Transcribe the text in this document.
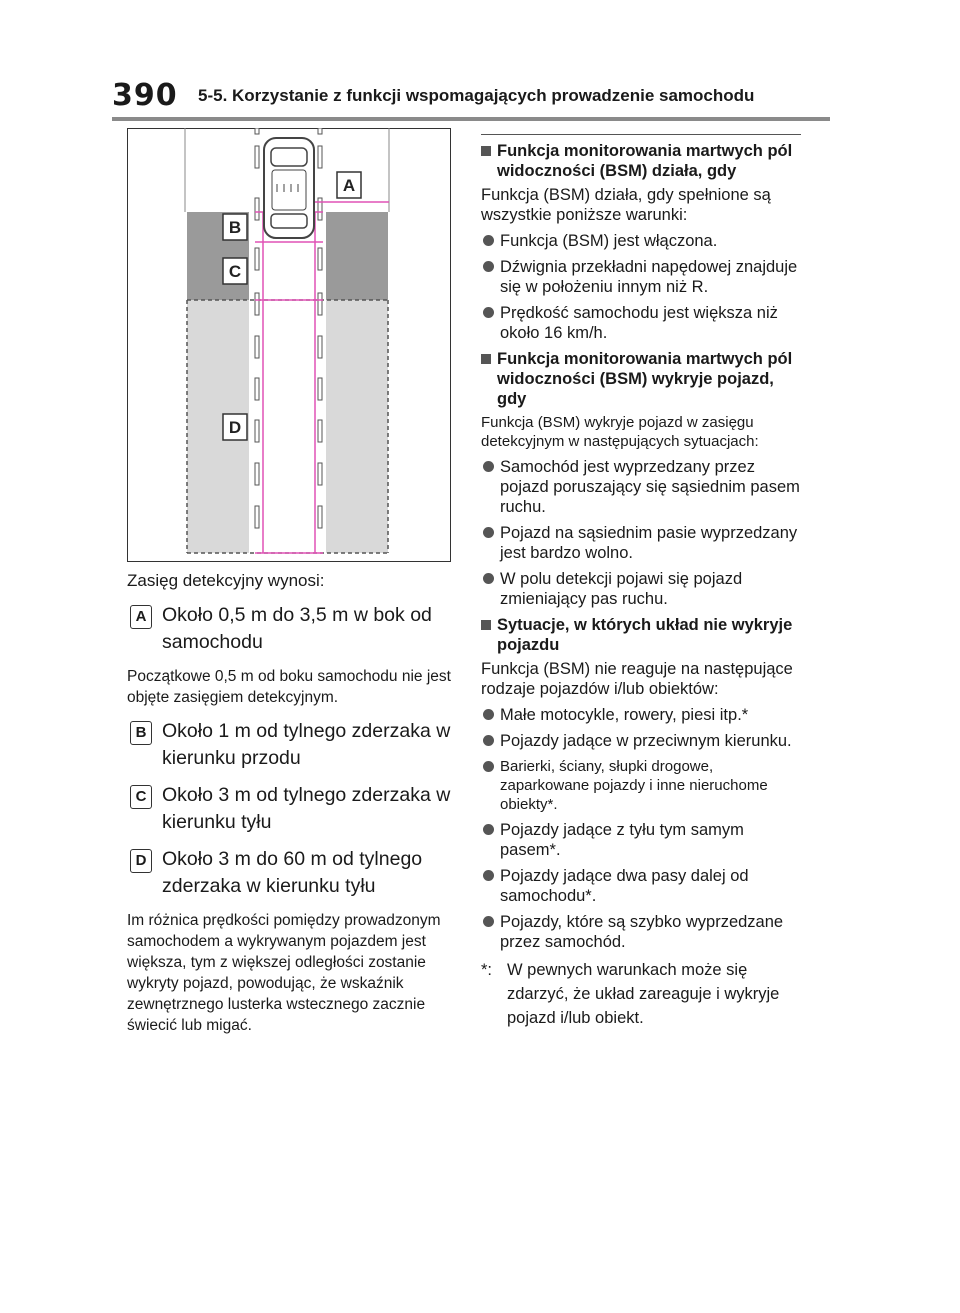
390 5-5. Korzystanie z funkcji wspomagających prowadzenie samochodu
A
B
C
D

Zasięg detekcyjny wynosi:

A Około 0,5 m do 3,5 m w bok od samochodu

Początkowe 0,5 m od boku samochodu nie jest objęte zasięgiem detekcyjnym.

B Około 1 m od tylnego zderzaka w kierunku przodu
C Około 3 m od tylnego zderzaka w kierunku tyłu
D Około 3 m do 60 m od tylnego zderzaka w kierunku tyłu

Im różnica prędkości pomiędzy prowadzonym samochodem a wykrywanym pojazdem jest większa, tym z większej odległości zostanie wykryty pojazd, powodując, że wskaźnik zewnętrznego lusterka wstecznego zacznie świecić lub migać.

Funkcja monitorowania martwych pól widoczności (BSM) działa, gdy

Funkcja (BSM) działa, gdy spełnione są wszystkie poniższe warunki:

Funkcja (BSM) jest włączona.
Dźwignia przekładni napędowej znajduje się w położeniu innym niż R.
Prędkość samochodu jest większa niż około 16 km/h.
Funkcja monitorowania martwych pól widoczności (BSM) wykryje pojazd, gdy

Funkcja (BSM) wykryje pojazd w zasięgu detekcyjnym w następujących sytuacjach:

Samochód jest wyprzedzany przez pojazd poruszający się sąsiednim pasem ruchu.
Pojazd na sąsiednim pasie wyprzedzany jest bardzo wolno.
W polu detekcji pojawi się pojazd zmieniający pas ruchu.
Sytuacje, w których układ nie wykryje pojazdu

Funkcja (BSM) nie reaguje na następujące rodzaje pojazdów i/lub obiektów:

Małe motocykle, rowery, piesi itp.*
Pojazdy jadące w przeciwnym kierunku.
Barierki, ściany, słupki drogowe, zaparkowane pojazdy i inne nieruchome obiekty*.
Pojazdy jadące z tyłu tym samym pasem*.
Pojazdy jadące dwa pasy dalej od samochodu*.
Pojazdy, które są szybko wyprzedzane przez samochód.
*: W pewnych warunkach może się zdarzyć, że układ zareaguje i wykryje pojazd i/lub obiekt.
